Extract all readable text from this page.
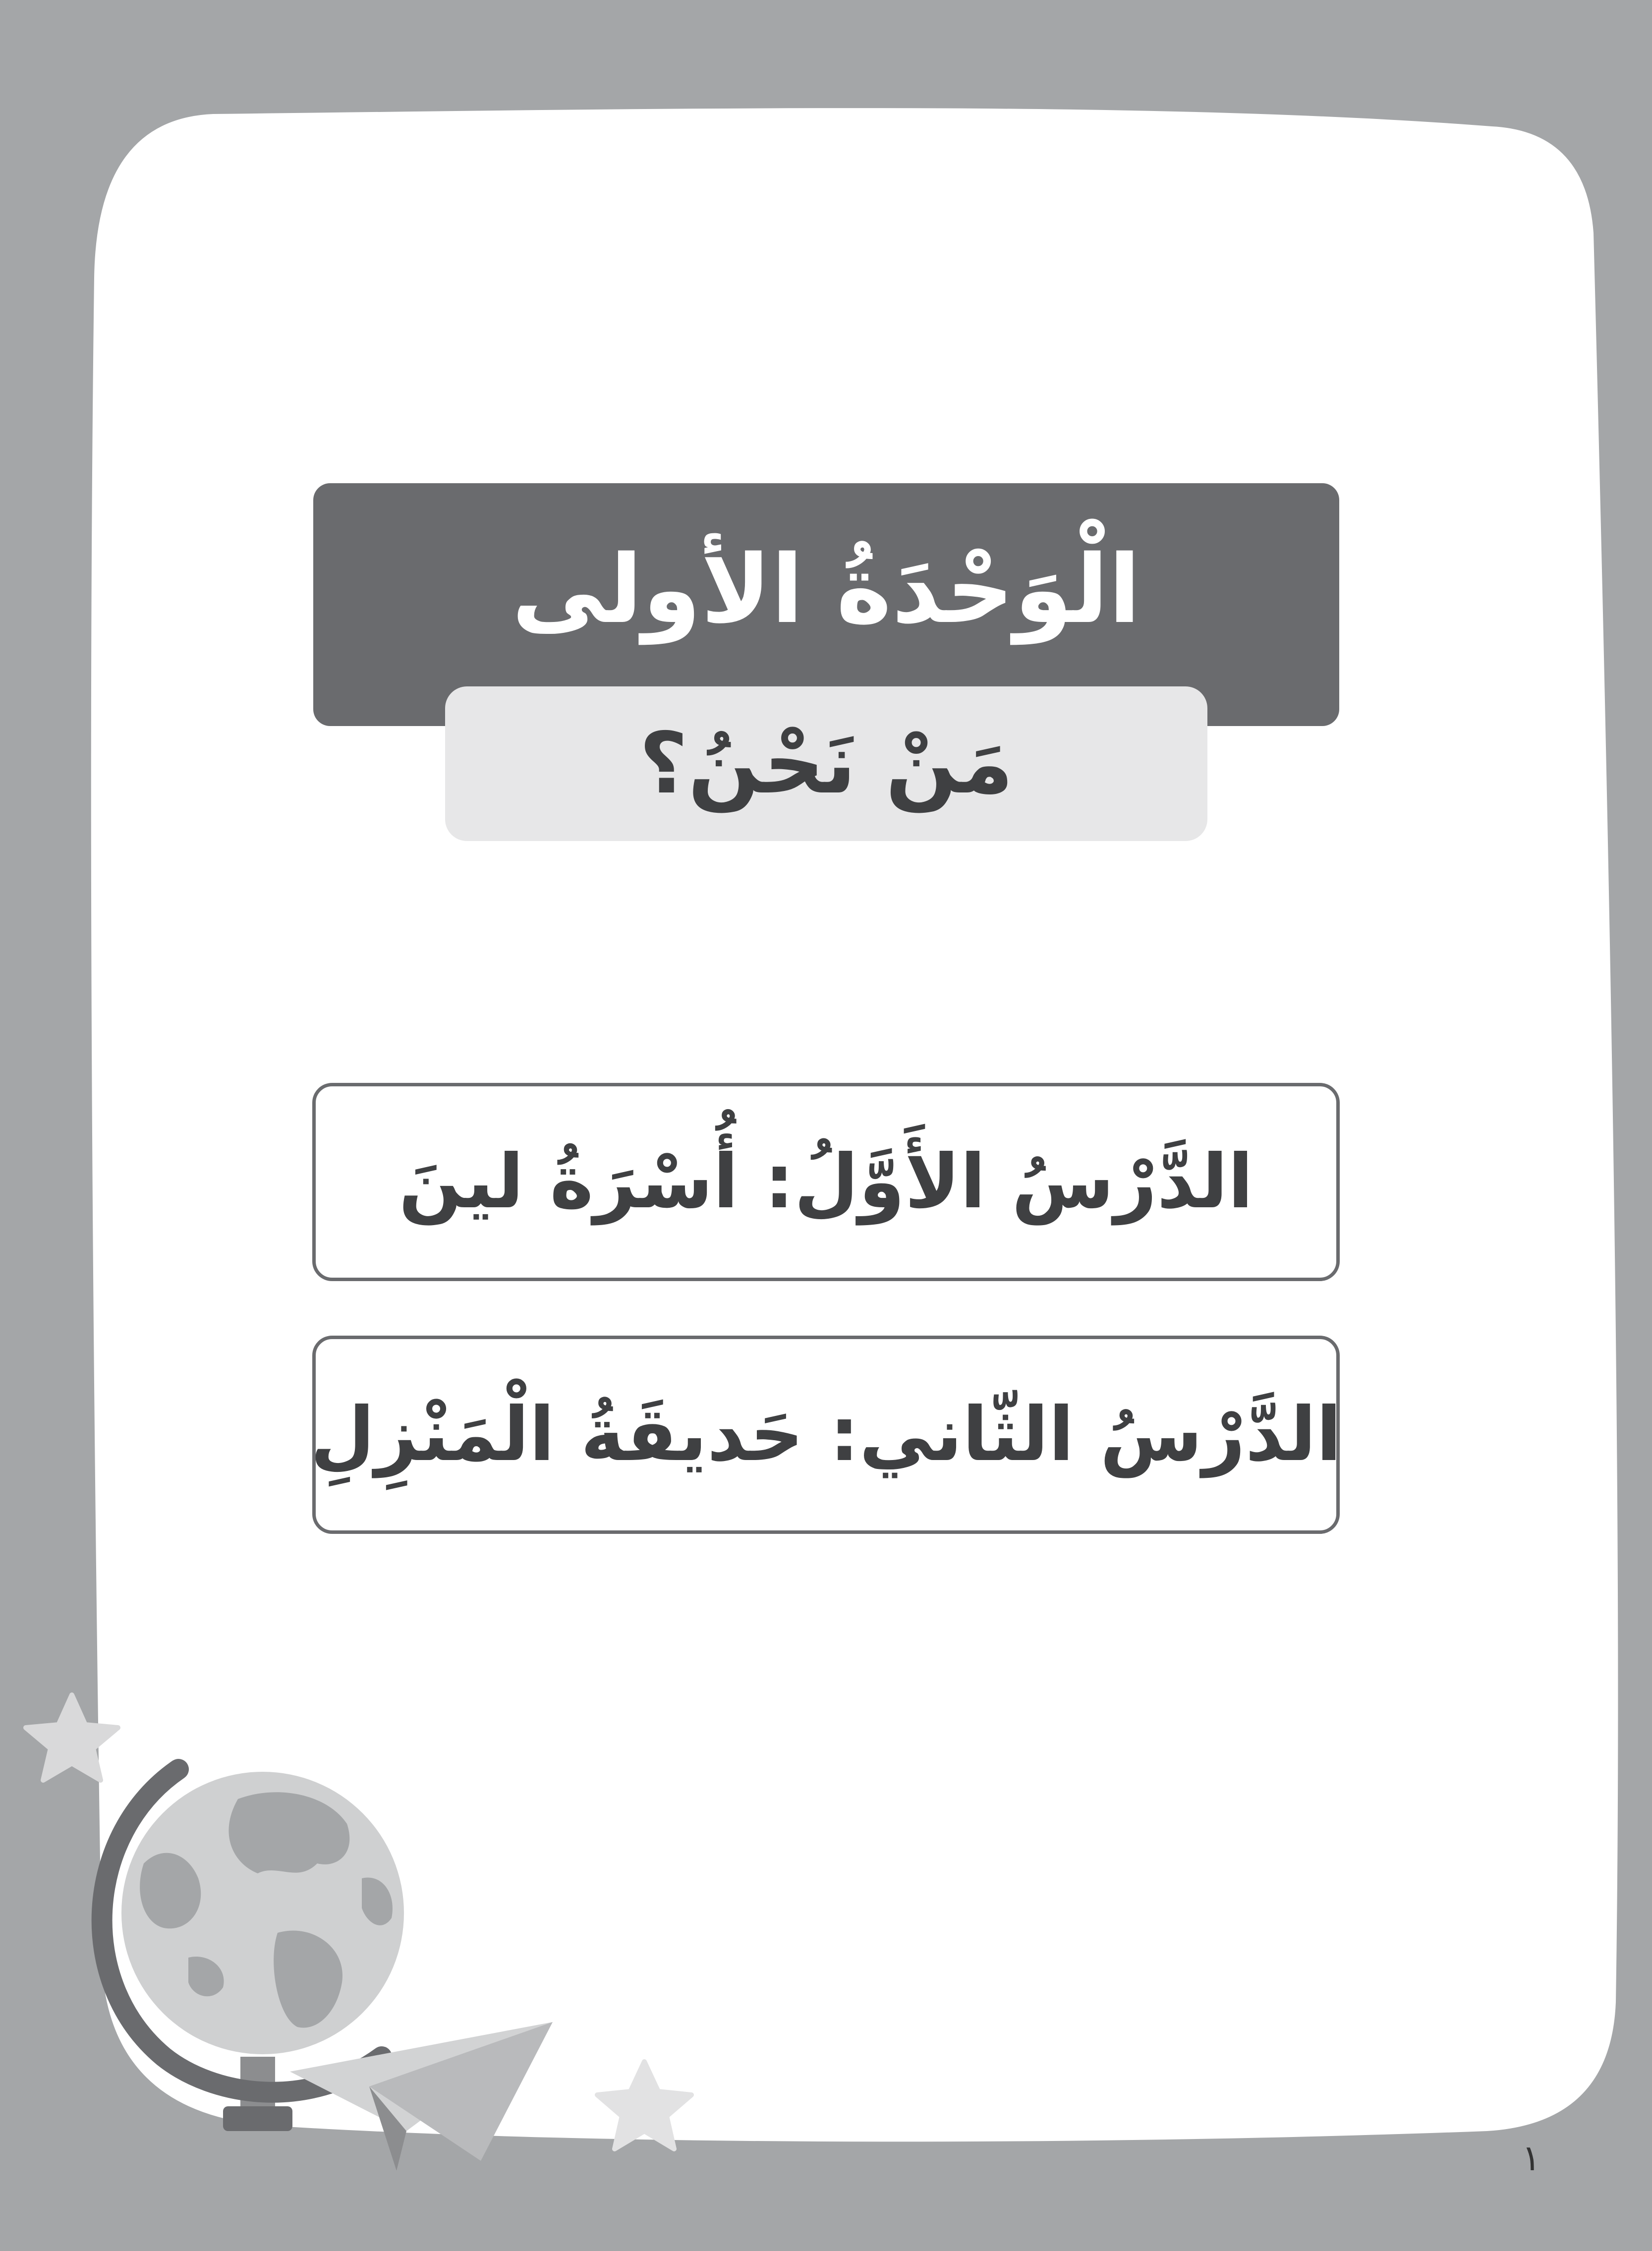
الْوَحْدَةُ الأولى
مَنْ نَحْنُ؟
الدَّرْسُ الأَوَّلُ: أُسْرَةُ لينَ
الدَّرْسُ الثّاني: حَديقَةُ الْمَنْزِلِ
١
